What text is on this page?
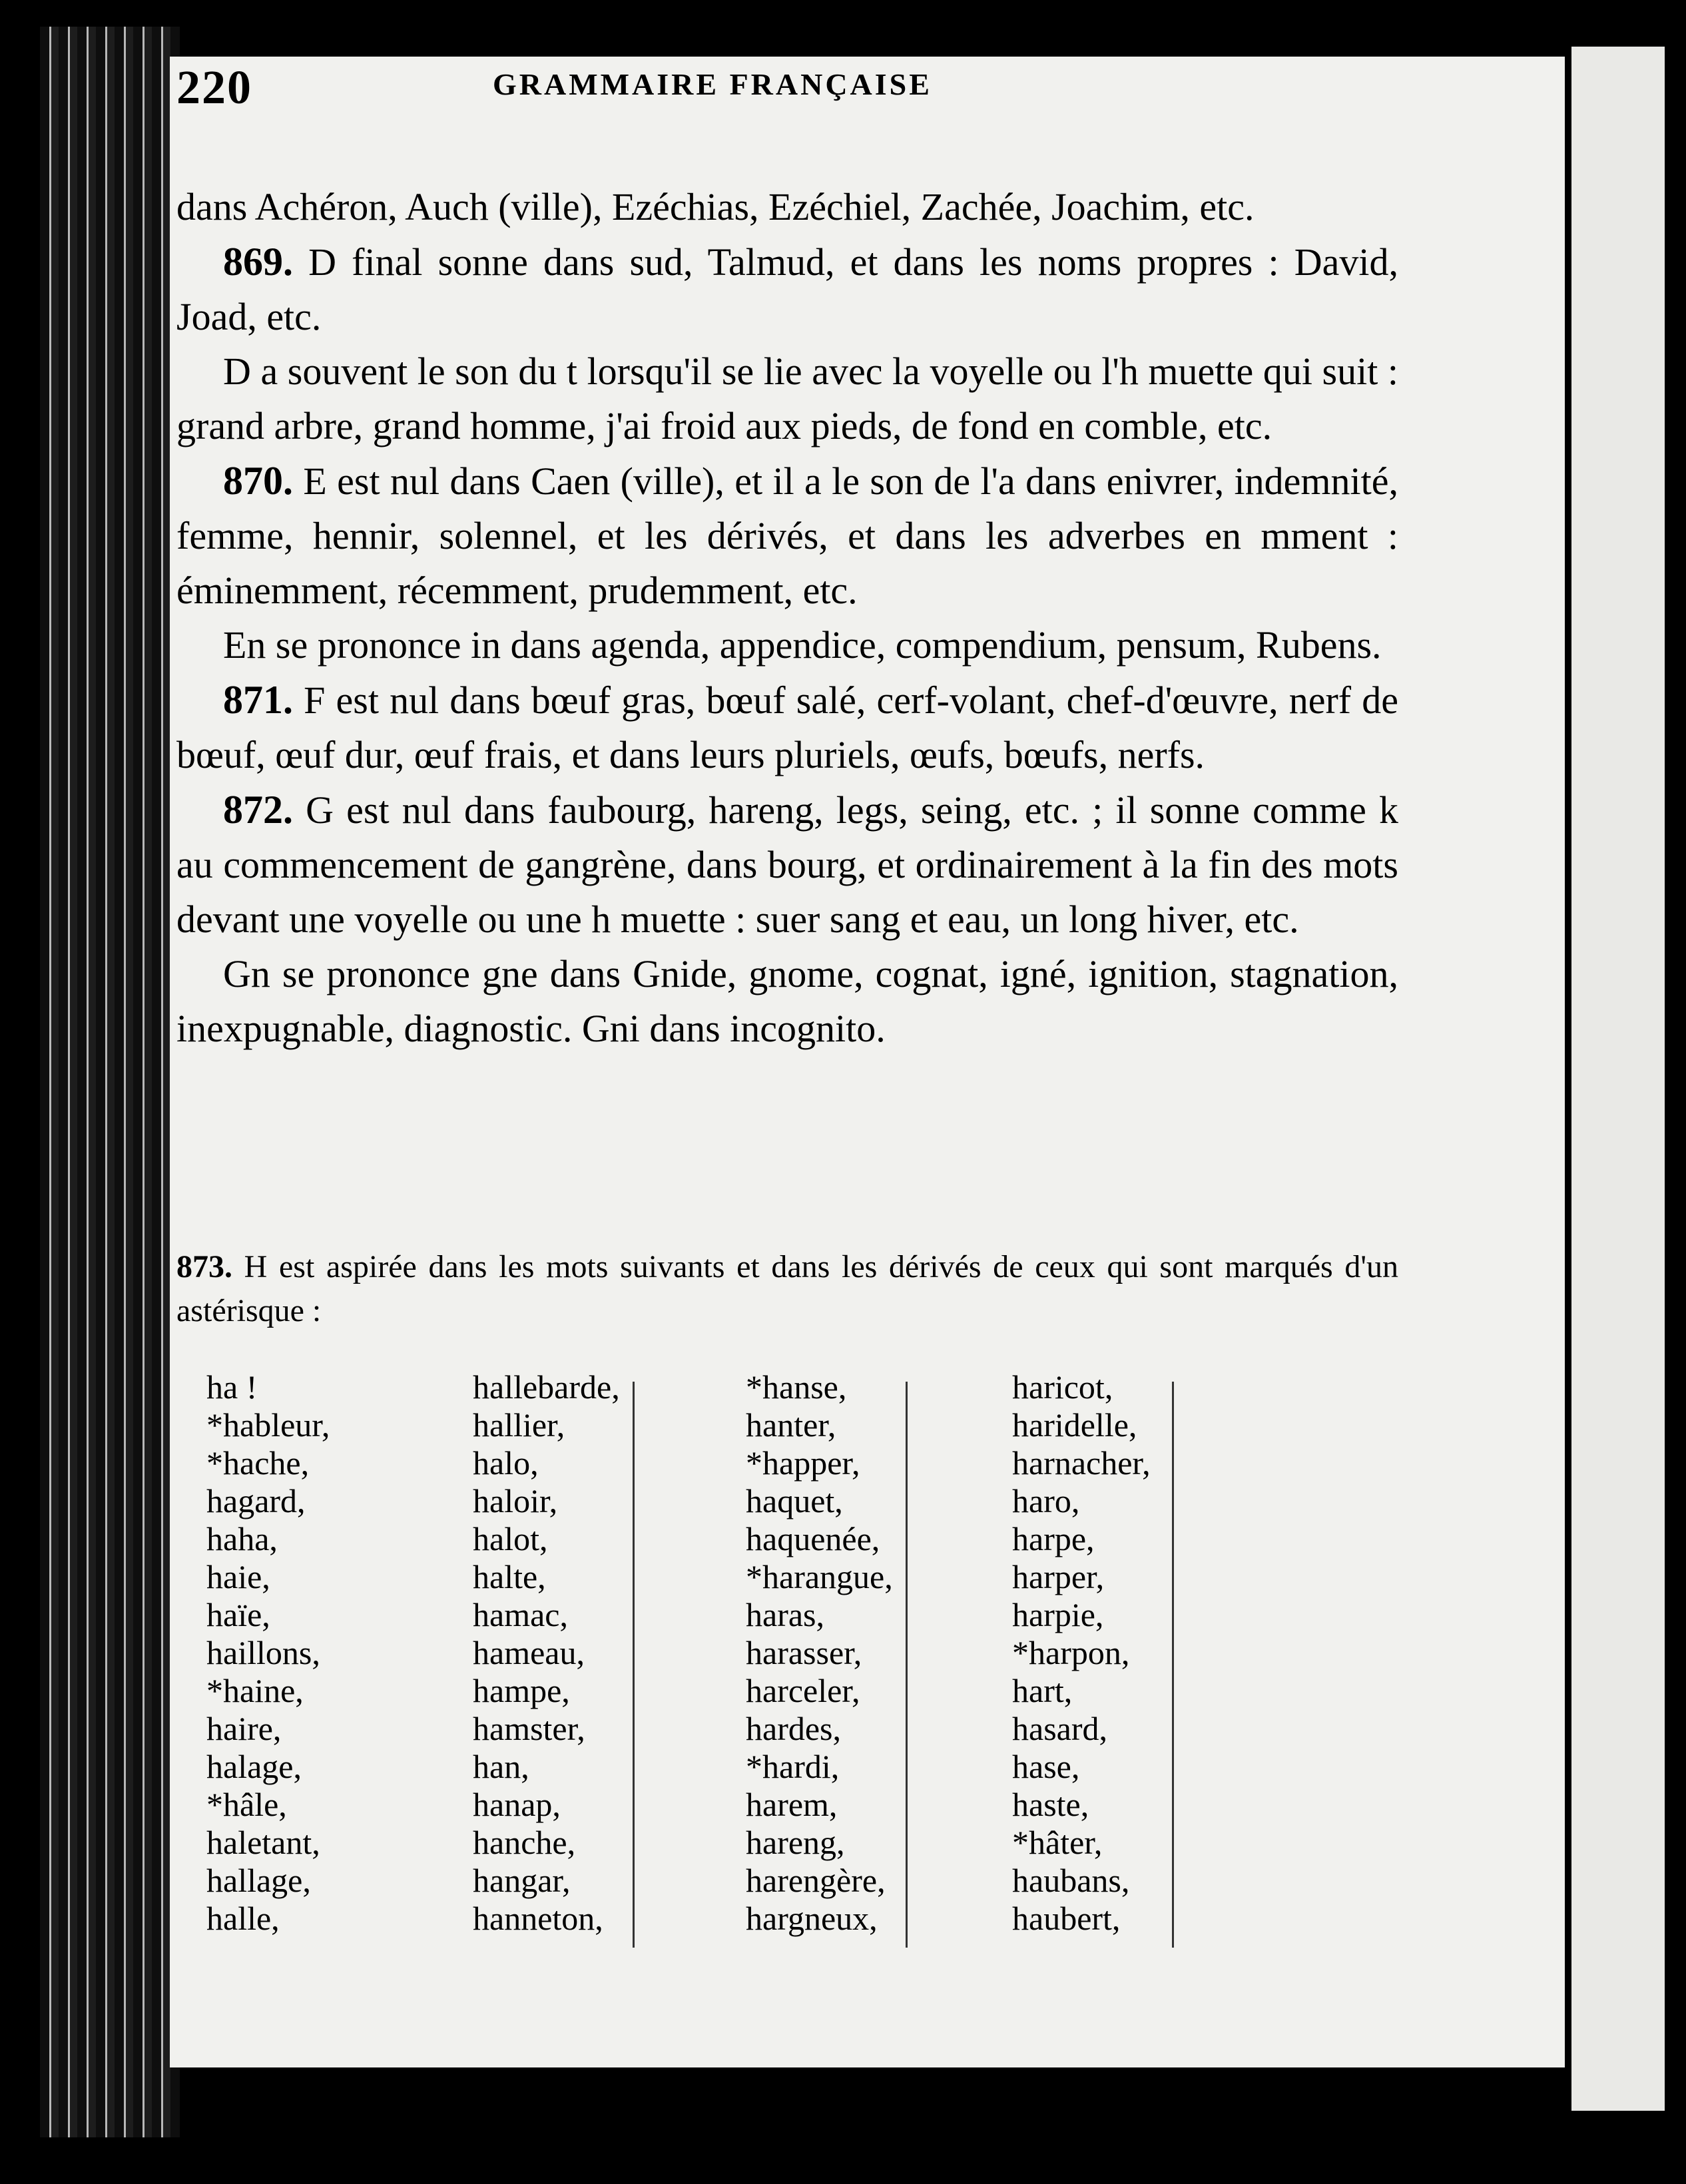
220	GRAMMAIRE FRANÇAISE

dans Achéron, Auch (ville), Ezéchias, Ezéchiel, Zachée, Joachim, etc.

869. D final sonne dans sud, Talmud, et dans les noms propres : David, Joad, etc.

D a souvent le son du t lorsqu'il se lie avec la voyelle ou l'h muette qui suit : grand arbre, grand homme, j'ai froid aux pieds, de fond en comble, etc.

870. E est nul dans Caen (ville), et il a le son de l'a dans enivrer, indemnité, femme, hennir, solennel, et les dérivés, et dans les adverbes en mment : éminemment, récemment, prudemment, etc.

En se prononce in dans agenda, appendice, compendium, pensum, Rubens.

871. F est nul dans bœuf gras, bœuf salé, cerf-volant, chef-d'œuvre, nerf de bœuf, œuf dur, œuf frais, et dans leurs pluriels, œufs, bœufs, nerfs.

872. G est nul dans faubourg, hareng, legs, seing, etc. ; il sonne comme k au commencement de gangrène, dans bourg, et ordinairement à la fin des mots devant une voyelle ou une h muette : suer sang et eau, un long hiver, etc.

Gn se prononce gne dans Gnide, gnome, cognat, igné, ignition, stagnation, inexpugnable, diagnostic. Gni dans incognito.

873. H est aspirée dans les mots suivants et dans les dérivés de ceux qui sont marqués d'un astérisque :
ha !
*hableur,
*hache,
hagard,
haha,
haie,
haïe,
haillons,
*haine,
haire,
halage,
*hâle,
haletant,
hallage,
halle,
hallebarde,
hallier,
halo,
haloir,
halot,
halte,
hamac,
hameau,
hampe,
hamster,
han,
hanap,
hanche,
hangar,
hanneton,
*hanse,
hanter,
*happer,
haquet,
haquenée,
*harangue,
haras,
harasser,
harceler,
hardes,
*hardi,
harem,
hareng,
harengère,
hargneux,
haricot,
haridelle,
harnacher,
haro,
harpe,
harper,
harpie,
*harpon,
hart,
hasard,
hase,
haste,
*hâter,
haubans,
haubert,
